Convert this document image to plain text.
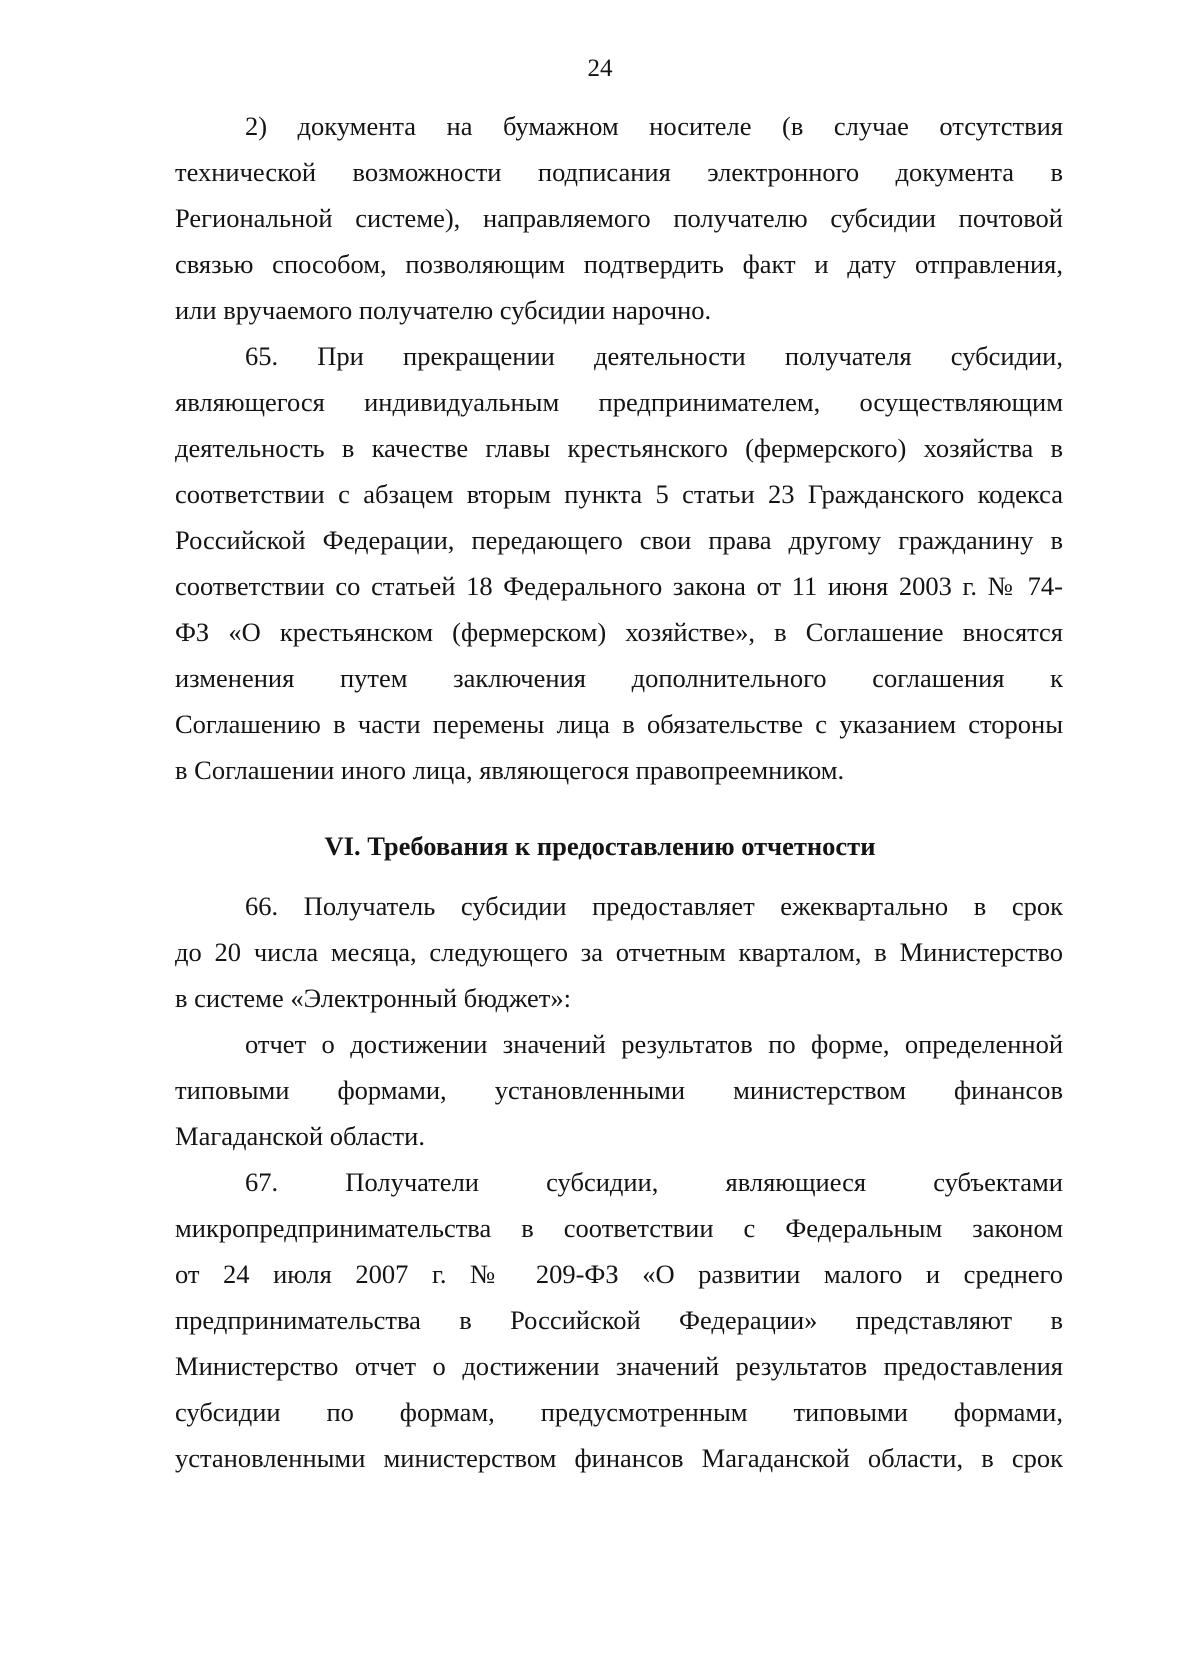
24
2) документа на бумажном носителе (в случае отсутствия
технической возможности подписания электронного документа в
Региональной системе), направляемого получателю субсидии почтовой
связью способом, позволяющим подтвердить факт и дату отправления,
или вручаемого получателю субсидии нарочно.
65. При прекращении деятельности получателя субсидии,
являющегося индивидуальным предпринимателем, осуществляющим
деятельность в качестве главы крестьянского (фермерского) хозяйства в
соответствии с абзацем вторым пункта 5 статьи 23 Гражданского кодекса
Российской Федерации, передающего свои права другому гражданину в
соответствии со статьей 18 Федерального закона от 11 июня 2003 г. № 74-
ФЗ «О крестьянском (фермерском) хозяйстве», в Соглашение вносятся
изменения путем заключения дополнительного соглашения к
Соглашению в части перемены лица в обязательстве с указанием стороны
в Соглашении иного лица, являющегося правопреемником.
VI. Требования к предоставлению отчетности
66. Получатель субсидии предоставляет ежеквартально в срок
до 20 числа месяца, следующего за отчетным кварталом, в Министерство
в системе «Электронный бюджет»:
отчет о достижении значений результатов по форме, определенной
типовыми формами, установленными министерством финансов
Магаданской области.
67. Получатели субсидии, являющиеся субъектами
микропредпринимательства в соответствии с Федеральным законом
от 24 июля 2007 г. № 209-ФЗ «О развитии малого и среднего
предпринимательства в Российской Федерации» представляют в
Министерство отчет о достижении значений результатов предоставления
субсидии по формам, предусмотренным типовыми формами,
установленными министерством финансов Магаданской области, в срок
